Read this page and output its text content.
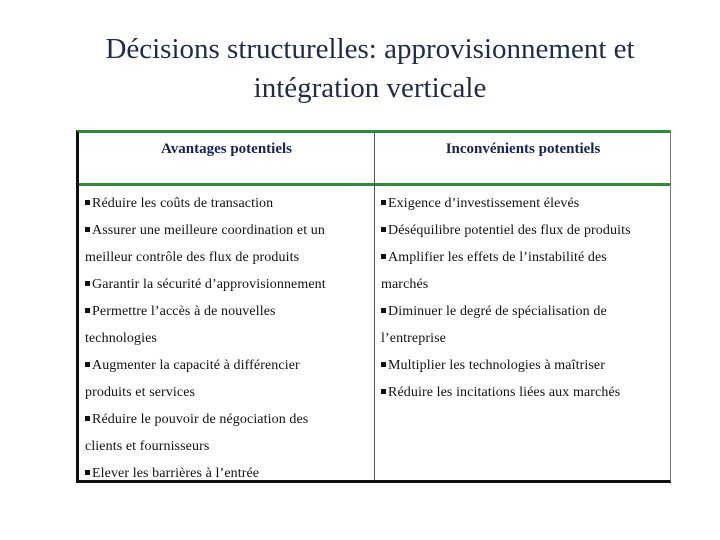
Décisions structurelles: approvisionnement et
intégration verticale
Avantages potentiels	Inconvénients potentiels
Réduire les coûts de transaction
Assurer une meilleure coordination et un
meilleur contrôle des flux de produits
Garantir la sécurité d’approvisionnement
Permettre l’accès à de nouvelles
technologies
Augmenter la capacité à différencier
produits et services
Réduire le pouvoir de négociation des
clients et fournisseurs
Elever les barrières à l’entrée
Exigence d’investissement élevés
Déséquilibre potentiel des flux de produits
Amplifier les effets de l’instabilité des
marchés
Diminuer le degré de spécialisation de
l’entreprise
Multiplier les technologies à maîtriser
Réduire les incitations liées aux marchés
